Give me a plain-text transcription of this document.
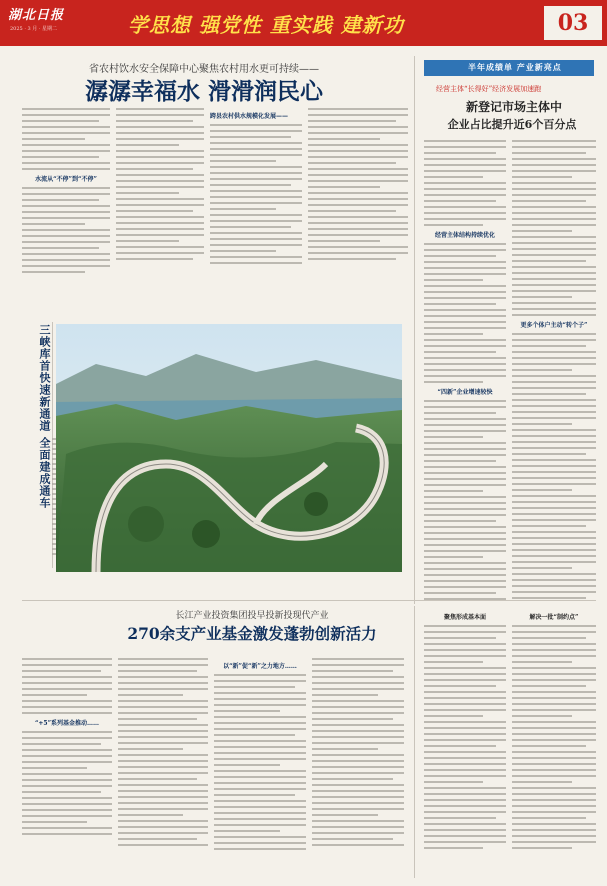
湖北日报
2025 · 3 月 · 星期二	学思想 强党性 重实践 建新功	03
省农村饮水安全保障中心聚焦农村用水更可持续——
潺潺幸福水 滑滑润民心
水流从“不停”到“不停”
跨县农村供水规模化发展——
三峡库首快速新通道 全面建成通车
半年成绩单 产业新亮点
经营主体“长得好”经济发展加速跑
新登记市场主体中
企业占比提升近6个百分点
经营主体结构持续优化
“四新”企业增速较快
更多个体户主动“转个子”
长江产业投资集团投早投新投现代产业
270余支产业基金激发蓬勃创新活力
“+5”系列基金推动……
以“新”促“新”之力地方……
聚焦形成基本面	解决一批“制约点”
